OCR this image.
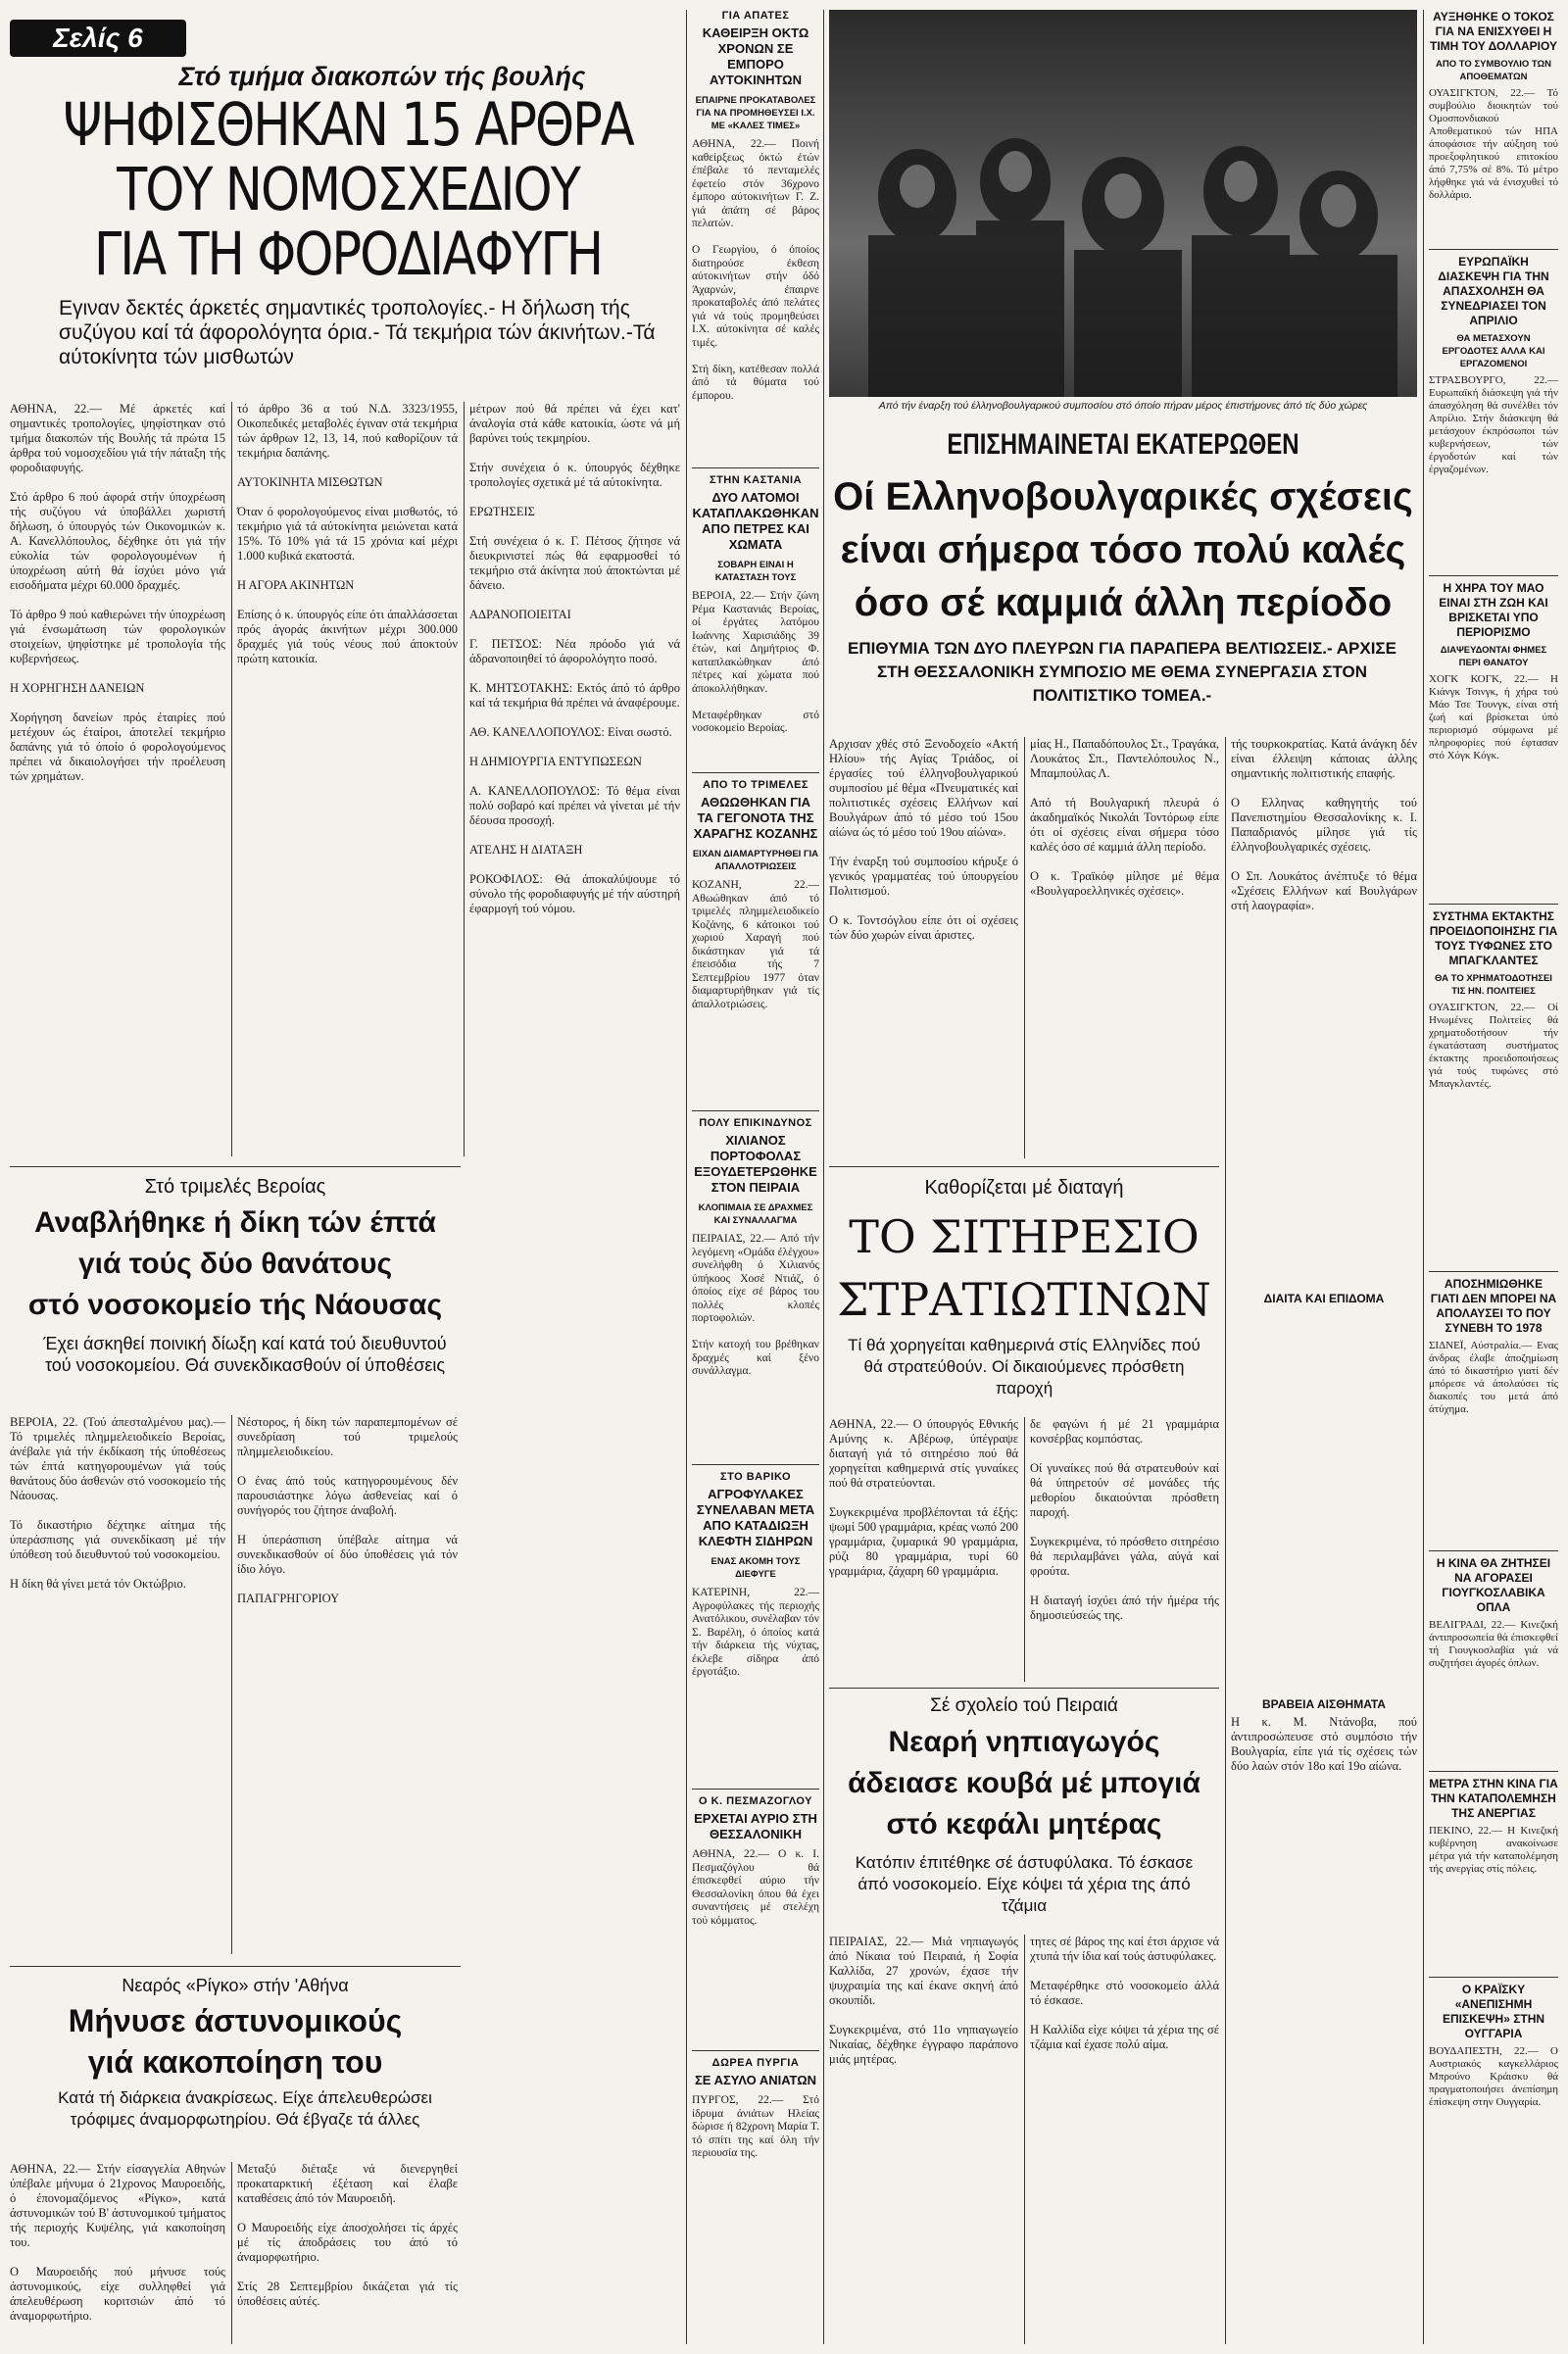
Σελίς 6
Στό τμήμα διακοπών τής βουλής
ΨΗΦΙΣΘΗΚΑΝ 15 ΑΡΘΡΑ
ΤΟΥ ΝΟΜΟΣΧΕΔΙΟΥ
ΓΙΑ ΤΗ ΦΟΡΟΔΙΑΦΥΓΗ
Εγιναν δεκτές άρκετές σημαντικές τροπολογίες.- Η δήλωση τής συζύγου καί τά άφορολόγητα όρια.- Τά τεκμήρια τών άκινήτων.-Τά αύτοκίνητα τών μισθωτών
ΑΘΗΝΑ, 22.— Μέ άρκετές καί σημαντικές τροπολογίες, ψηφίστηκαν στό τμήμα διακοπών τής Βουλής τά πρώτα 15 άρθρα τού νομοσχεδίου γιά τήν πάταξη τής φοροδιαφυγής.

Στό άρθρο 6 πού άφορά στήν ύποχρέωση τής συζύγου νά ύποβάλλει χωριστή δήλωση, ό ύπουργός τών Οικονομικών κ. Α. Κανελλόπουλος, δέχθηκε ότι γιά τήν εύκολία τών φορολογουμένων ή ύποχρέωση αύτή θά ίσχύει μόνο γιά εισοδήματα μέχρι 60.000 δραχμές.

Τό άρθρο 9 πού καθιερώνει τήν ύποχρέωση γιά ένσωμάτωση τών φορολογικών στοιχείων, ψηφίστηκε μέ τροπολογία τής κυβερνήσεως.

Η ΧΟΡΗΓΗΣΗ ΔΑΝΕΙΩΝ

Χορήγηση δανείων πρός έταιρίες πού μετέχουν ώς έταίροι, άποτελεί τεκμήριο δαπάνης γιά τό όποίο ό φορολογούμενος πρέπει νά δικαιολογήσει τήν προέλευση τών χρημάτων.
τό άρθρο 36 α τού Ν.Δ. 3323/1955, Οικοπεδικές μεταβολές έγιναν στά τεκμήρια τών άρθρων 12, 13, 14, πού καθορίζουν τά τεκμήρια δαπάνης.

ΑΥΤΟΚΙΝΗΤΑ ΜΙΣΘΩΤΩΝ

Όταν ό φορολογούμενος είναι μισθωτός, τό τεκμήριο γιά τά αύτοκίνητα μειώνεται κατά 15%. Τό 10% γιά τά 15 χρόνια καί μέχρι 1.000 κυβικά εκατοστά.

Η ΑΓΟΡΑ ΑΚΙΝΗΤΩΝ

Επίσης ό κ. ύπουργός είπε ότι άπαλλάσσεται πρός άγοράς άκινήτων μέχρι 300.000 δραχμές γιά τούς νέους πού άποκτούν πρώτη κατοικία.
μέτρων πού θά πρέπει νά έχει κατ' άναλογία στά κάθε κατοικία, ώστε νά μή βαρύνει τούς τεκμηρίου.

Στήν συνέχεια ό κ. ύπουργός δέχθηκε τροπολογίες σχετικά μέ τά αύτοκίνητα.

ΕΡΩΤΗΣΕΙΣ

Στή συνέχεια ό κ. Γ. Πέτσος ζήτησε νά διευκρινιστεί πώς θά εφαρμοσθεί τό τεκμήριο στά άκίνητα πού άποκτώνται μέ δάνειο.

ΑΔΡΑΝΟΠΟΙΕΙΤΑΙ

Γ. ΠΕΤΣΟΣ: Νέα πρόοδο γιά νά άδρανοποιηθεί τό άφορολόγητο ποσό.

Κ. ΜΗΤΣΟΤΑΚΗΣ: Εκτός άπό τό άρθρο καί τά τεκμήρια θά πρέπει νά άναφέρουμε.

ΑΘ. ΚΑΝΕΛΛΟΠΟΥΛΟΣ: Είναι σωστό.

Η ΔΗΜΙΟΥΡΓΙΑ ΕΝΤΥΠΩΣΕΩΝ

Α. ΚΑΝΕΛΛΟΠΟΥΛΟΣ: Τό θέμα είναι πολύ σοβαρό καί πρέπει νά γίνεται μέ τήν δέουσα προσοχή.

ΑΤΕΛΗΣ Η ΔΙΑΤΑΞΗ

ΡΟΚΟΦΙΛΟΣ: Θά άποκαλύψουμε τό σύνολο τής φοροδιαφυγής μέ τήν αύστηρή έφαρμογή τού νόμου.
Στό τριμελές Βεροίας
Αναβλήθηκε ή δίκη τών έπτά
γιά τούς δύο θανάτους
στό νοσοκομείο τής Νάουσας
Έχει άσκηθεί ποινική δίωξη καί κατά τού διευθυντού τού νοσοκομείου. Θά συνεκδικασθούν οί ύποθέσεις
ΒΕΡΟΙΑ, 22. (Τού άπεσταλμένου μας).— Τό τριμελές πλημμελειοδικείο Βεροίας, άνέβαλε γιά τήν έκδίκαση τής ύποθέσεως τών έπτά κατηγορουμένων γιά τούς θανάτους δύο άσθενών στό νοσοκομείο τής Νάουσας.

Τό δικαστήριο δέχτηκε αίτημα τής ύπεράσπισης γιά συνεκδίκαση μέ τήν ύπόθεση τού διευθυντού τού νοσοκομείου.

Η δίκη θά γίνει μετά τόν Οκτώβριο.
Νέστορος, ή δίκη τών παραπεμπομένων σέ συνεδρίαση τού τριμελούς πλημμελειοδικείου.

Ο ένας άπό τούς κατηγορουμένους δέν παρουσιάστηκε λόγω άσθενείας καί ό συνήγορός του ζήτησε άναβολή.

Η ύπεράσπιση ύπέβαλε αίτημα νά συνεκδικασθούν οί δύο ύποθέσεις γιά τόν ίδιο λόγο.

ΠΑΠΑΓΡΗΓΟΡΙΟΥ
Νεαρός «Ρίγκο» στήν 'Αθήνα
Μήνυσε άστυνομικούς
γιά κακοποίηση του
Κατά τή διάρκεια άνακρίσεως. Είχε άπελευθερώσει τρόφιμες άναμορφωτηρίου. Θά έβγαζε τά άλλες
ΑΘΗΝΑ, 22.— Στήν είσαγγελία Αθηνών ύπέβαλε μήνυμα ό 21χρονος Μαυροειδής, ό έπονομαζόμενος «Ρίγκο», κατά άστυνομικών τού Β' άστυνομικού τμήματος τής περιοχής Κυψέλης, γιά κακοποίηση του.

Ο Μαυροειδής πού μήνυσε τούς άστυνομικούς, είχε συλληφθεί γιά άπελευθέρωση κοριτσιών άπό τό άναμορφωτήριο.
Μεταξύ διέταξε νά διενεργηθεί προκαταρκτική έξέταση καί έλαβε καταθέσεις άπό τόν Μαυροειδή.

Ο Μαυροειδής είχε άποσχολήσει τίς άρχές μέ τίς άποδράσεις του άπό τό άναμορφωτήριο.

Στίς 28 Σεπτεμβρίου δικάζεται γιά τίς ύποθέσεις αύτές.
ΓΙΑ ΑΠΑΤΕΣ
ΚΑΘΕΙΡΞΗ ΟΚΤΩ ΧΡΟΝΩΝ ΣΕ ΕΜΠΟΡΟ ΑΥΤΟΚΙΝΗΤΩΝ
ΕΠΑΙΡΝΕ ΠΡΟΚΑΤΑΒΟΛΕΣ ΓΙΑ ΝΑ ΠΡΟΜΗΘΕΥΣΕΙ Ι.Χ. ΜΕ «ΚΑΛΕΣ ΤΙΜΕΣ»
ΑΘΗΝΑ, 22.— Ποινή καθείρξεως όκτώ έτών έπέβαλε τό πενταμελές έφετείο στόν 36χρονο έμπορο αύτοκινήτων Γ. Ζ. γιά άπάτη σέ βάρος πελατών.

Ο Γεωργίου, ό όποίος διατηρούσε έκθεση αύτοκινήτων στήν όδό Άχαρνών, έπαιρνε προκαταβολές άπό πελάτες γιά νά τούς προμηθεύσει Ι.Χ. αύτοκίνητα σέ καλές τιμές.

Στή δίκη, κατέθεσαν πολλά άπό τά θύματα τού έμπορου.
ΣΤΗΝ ΚΑΣΤΑΝΙΑ
ΔΥΟ ΛΑΤΟΜΟΙ ΚΑΤΑΠΛΑΚΩΘΗΚΑΝ ΑΠΟ ΠΕΤΡΕΣ ΚΑΙ ΧΩΜΑΤΑ
ΣΟΒΑΡΗ ΕΙΝΑΙ Η ΚΑΤΑΣΤΑΣΗ ΤΟΥΣ
ΒΕΡΟΙΑ, 22.— Στήν ζώνη Ρέμα Καστανιάς Βεροίας, οί έργάτες λατόμου Ιωάννης Χαρισιάδης 39 έτών, καί Δημήτριος Φ. καταπλακώθηκαν άπό πέτρες καί χώματα πού άποκολλήθηκαν.

Μεταφέρθηκαν στό νοσοκομείο Βεροίας.
ΑΠΟ ΤΟ ΤΡΙΜΕΛΕΣ
ΑΘΩΩΘΗΚΑΝ ΓΙΑ ΤΑ ΓΕΓΟΝΟΤΑ ΤΗΣ ΧΑΡΑΓΗΣ ΚΟΖΑΝΗΣ
ΕΙΧΑΝ ΔΙΑΜΑΡΤΥΡΗΘΕΙ ΓΙΑ ΑΠΑΛΛΟΤΡΙΩΣΕΙΣ
ΚΟΖΑΝΗ, 22.— Αθωώθηκαν άπό τό τριμελές πλημμελειοδικείο Κοζάνης, 6 κάτοικοι τού χωριού Χαραγή πού δικάστηκαν γιά τά έπεισόδια τής 7 Σεπτεμβρίου 1977 όταν διαμαρτυρήθηκαν γιά τίς άπαλλοτριώσεις.
ΠΟΛΥ ΕΠΙΚΙΝΔΥΝΟΣ
ΧΙΛΙΑΝΟΣ ΠΟΡΤΟΦΟΛΑΣ ΕΞΟΥΔΕΤΕΡΩΘΗΚΕ ΣΤΟΝ ΠΕΙΡΑΙΑ
ΚΛΟΠΙΜΑΙΑ ΣΕ ΔΡΑΧΜΕΣ ΚΑΙ ΣΥΝΑΛΛΑΓΜΑ
ΠΕΙΡΑΙΑΣ, 22.— Από τήν λεγόμενη «Ομάδα έλέγχου» συνελήφθη ό Χιλιανός ύπήκοος Χοσέ Ντιάζ, ό όποίος είχε σέ βάρος του πολλές κλοπές πορτοφολιών.

Στήν κατοχή του βρέθηκαν δραχμές καί ξένο συνάλλαγμα.
ΣΤΟ ΒΑΡΙΚΟ
ΑΓΡΟΦΥΛΑΚΕΣ ΣΥΝΕΛΑΒΑΝ ΜΕΤΑ ΑΠΟ ΚΑΤΑΔΙΩΞΗ ΚΛΕΦΤΗ ΣΙΔΗΡΩΝ
ΕΝΑΣ ΑΚΟΜΗ ΤΟΥΣ ΔΙΕΦΥΓΕ
ΚΑΤΕΡΙΝΗ, 22.— Αγροφύλακες τής περιοχής Ανατόλικου, συνέλαβαν τόν Σ. Βαρέλη, ό όποίος κατά τήν διάρκεια τής νύχτας, έκλεβε σίδηρα άπό έργοτάξιο.
Ο Κ. ΠΕΣΜΑΖΟΓΛΟΥ
ΕΡΧΕΤΑΙ ΑΥΡΙΟ ΣΤΗ ΘΕΣΣΑΛΟΝΙΚΗ
ΑΘΗΝΑ, 22.— Ο κ. Ι. Πεσμαζόγλου θά έπισκεφθεί αύριο τήν Θεσσαλονίκη όπου θά έχει συναντήσεις μέ στελέχη τού κόμματος.
ΔΩΡΕΑ ΠΥΡΓΙΑ
ΣΕ ΑΣΥΛΟ ΑΝΙΑΤΩΝ
ΠΥΡΓΟΣ, 22.— Στό ίδρυμα άνιάτων Ηλείας δώρισε ή 82χρονη Μαρία Τ. τό σπίτι της καί όλη τήν περιουσία της.
Από τήν έναρξη τού έλληνοβουλγαρικού συμποσίου στό όποίο πήραν μέρος έπιστήμονες άπό τίς δύο χώρες
ΕΠΙΣΗΜΑΙΝΕΤΑΙ ΕΚΑΤΕΡΩΘΕΝ
Οί Ελληνοβουλγαρικές σχέσεις
είναι σήμερα τόσο πολύ καλές
όσο σέ καμμιά άλλη περίοδο
ΕΠΙΘΥΜΙΑ ΤΩΝ ΔΥΟ ΠΛΕΥΡΩΝ ΓΙΑ ΠΑΡΑΠΕΡΑ ΒΕΛΤΙΩΣΕΙΣ.- ΑΡΧΙΣΕ ΣΤΗ ΘΕΣΣΑΛΟΝΙΚΗ ΣΥΜΠΟΣΙΟ ΜΕ ΘΕΜΑ ΣΥΝΕΡΓΑΣΙΑ ΣΤΟΝ ΠΟΛΙΤΙΣΤΙΚΟ ΤΟΜΕΑ.-
Αρχισαν χθές στό Ξενοδοχείο «Ακτή Ηλίου» τής Αγίας Τριάδος, οί έργασίες τού έλληνοβουλγαρικού συμποσίου μέ θέμα «Πνευματικές καί πολιτιστικές σχέσεις Ελλήνων καί Βουλγάρων άπό τό μέσο τού 15ου αίώνα ώς τό μέσο τού 19ου αίώνα».

Τήν έναρξη τού συμποσίου κήρυξε ό γενικός γραμματέας τού ύπουργείου Πολιτισμού.

Ο κ. Τοντσόγλου είπε ότι οί σχέσεις τών δύο χωρών είναι άριστες.
μίας Η., Παπαδόπουλος Στ., Τραγάκα, Λουκάτος Σπ., Παντελόπουλος Ν., Μπαμπούλας Λ.

Από τή Βουλγαρική πλευρά ό άκαδημαϊκός Νικολάι Τοντόρωφ είπε ότι οί σχέσεις είναι σήμερα τόσο καλές όσο σέ καμμιά άλλη περίοδο.

Ο κ. Τραϊκόφ μίλησε μέ θέμα «Βουλγαροελληνικές σχέσεις».
τής τουρκοκρατίας. Κατά άνάγκη δέν είναι έλλειψη κάποιας άλλης σημαντικής πολιτιστικής επαφής.

Ο Ελληνας καθηγητής τού Πανεπιστημίου Θεσσαλονίκης κ. Ι. Παπαδριανός μίλησε γιά τίς έλληνοβουλγαρικές σχέσεις.

Ο Σπ. Λουκάτος άνέπτυξε τό θέμα «Σχέσεις Ελλήνων καί Βουλγάρων στή λαογραφία».
ΔΙΑΙΤΑ ΚΑΙ ΕΠΙΔΟΜΑ
ΒΡΑΒΕΙΑ ΑΙΣΘΗΜΑΤΑ
Η κ. Μ. Ντάνοβα, πού άντιπροσώπευσε στό συμπόσιο τήν Βουλγαρία, είπε γιά τίς σχέσεις τών δύο λαών στόν 18ο καί 19ο αίώνα.
Καθορίζεται μέ διαταγή
ΤΟ ΣΙΤΗΡΕΣΙΟ
ΣΤΡΑΤΙΩΤΙΝΩΝ
Τί θά χορηγείται καθημερινά στίς Ελληνίδες πού θά στρατεύθούν. Οί δικαιούμενες πρόσθετη παροχή
ΑΘΗΝΑ, 22.— Ο ύπουργός Εθνικής Αμύνης κ. Αβέρωφ, ύπέγραψε διαταγή γιά τό σιτηρέσιο πού θά χορηγείται καθημερινά στίς γυναίκες πού θά στρατεύονται.

Συγκεκριμένα προβλέπονται τά έξής: ψωμί 500 γραμμάρια, κρέας νωπό 200 γραμμάρια, ζυμαρικά 90 γραμμάρια, ρύζι 80 γραμμάρια, τυρί 60 γραμμάρια, ζάχαρη 60 γραμμάρια.
δε φαγώνι ή μέ 21 γραμμάρια κονσέρβας κομπόστας.

Οί γυναίκες πού θά στρατευθούν καί θά ύπηρετούν σέ μονάδες τής μεθορίου δικαιούνται πρόσθετη παροχή.

Συγκεκριμένα, τό πρόσθετο σιτηρέσιο θά περιλαμβάνει γάλα, αύγά καί φρούτα.

Η διαταγή ίσχύει άπό τήν ήμέρα τής δημοσιεύσεώς της.
Σέ σχολείο τού Πειραιά
Νεαρή νηπιαγωγός
άδειασε κουβά μέ μπογιά
στό κεφάλι μητέρας
Κατόπιν έπιτέθηκε σέ άστυφύλακα. Τό έσκασε άπό νοσοκομείο. Είχε κόψει τά χέρια της άπό τζάμια
ΠΕΙΡΑΙΑΣ, 22.— Μιά νηπιαγωγός άπό Νίκαια τού Πειραιά, ή Σοφία Καλλίδα, 27 χρονών, έχασε τήν ψυχραιμία της καί έκανε σκηνή άπό σκουπίδι.

Συγκεκριμένα, στό 11ο νηπιαγωγείο Νικαίας, δέχθηκε έγγραφο παράπονο μιάς μητέρας.
τητες σέ βάρος της καί έτσι άρχισε νά χτυπά τήν ίδια καί τούς άστυφύλακες.

Μεταφέρθηκε στό νοσοκομείο άλλά τό έσκασε.

Η Καλλίδα είχε κόψει τά χέρια της σέ τζάμια καί έχασε πολύ αίμα.
ΑΥΞΗΘΗΚΕ Ο ΤΟΚΟΣ ΓΙΑ ΝΑ ΕΝΙΣΧΥΘΕΙ Η ΤΙΜΗ ΤΟΥ ΔΟΛΛΑΡΙΟΥ
ΑΠΟ ΤΟ ΣΥΜΒΟΥΛΙΟ ΤΩΝ ΑΠΟΘΕΜΑΤΩΝ
ΟΥΑΣΙΓΚΤΟΝ, 22.— Τό συμβούλιο διοικητών τού Ομοσπονδιακού Αποθεματικού τών ΗΠΑ άποφάσισε τήν αύξηση τού προεξοφλητικού επιτοκίου άπό 7,75% σέ 8%. Τό μέτρο λήφθηκε γιά νά ένισχυθεί τό δολλάριο.
ΕΥΡΩΠΑΪΚΗ ΔΙΑΣΚΕΨΗ ΓΙΑ ΤΗΝ ΑΠΑΣΧΟΛΗΣΗ ΘΑ ΣΥΝΕΔΡΙΑΣΕΙ ΤΟΝ ΑΠΡΙΛΙΟ
ΘΑ ΜΕΤΑΣΧΟΥΝ ΕΡΓΟΔΟΤΕΣ ΑΛΛΑ ΚΑΙ ΕΡΓΑΖΟΜΕΝΟΙ
ΣΤΡΑΣΒΟΥΡΓΟ, 22.— Ευρωπαϊκή διάσκεψη γιά τήν άπασχόληση θά συνέλθει τόν Απρίλιο. Στήν διάσκεψη θά μετάσχουν έκπρόσωποι τών κυβερνήσεων, τών έργοδοτών καί τών έργαζομένων.
Η ΧΗΡΑ ΤΟΥ ΜΑΟ ΕΙΝΑΙ ΣΤΗ ΖΩΗ ΚΑΙ ΒΡΙΣΚΕΤΑΙ ΥΠΟ ΠΕΡΙΟΡΙΣΜΟ
ΔΙΑΨΕΥΔΟΝΤΑΙ ΦΗΜΕΣ ΠΕΡΙ ΘΑΝΑΤΟΥ
ΧΟΓΚ ΚΟΓΚ, 22.— Η Κιάνγκ Τσινγκ, ή χήρα τού Μάο Τσε Τουνγκ, είναι στή ζωή καί βρίσκεται ύπό περιορισμό σύμφωνα μέ πληροφορίες πού έφτασαν στό Χόγκ Κόγκ.
ΣΥΣΤΗΜΑ ΕΚΤΑΚΤΗΣ ΠΡΟΕΙΔΟΠΟΙΗΣΗΣ ΓΙΑ ΤΟΥΣ ΤΥΦΩΝΕΣ ΣΤΟ ΜΠΑΓΚΛΑΝΤΕΣ
ΘΑ ΤΟ ΧΡΗΜΑΤΟΔΟΤΗΣΕΙ ΤΙΣ ΗΝ. ΠΟΛΙΤΕΙΕΣ
ΟΥΑΣΙΓΚΤΟΝ, 22.— Οί Ηνωμένες Πολιτείες θά χρηματοδοτήσουν τήν έγκατάσταση συστήματος έκτακτης προειδοποιήσεως γιά τούς τυφώνες στό Μπαγκλαντές.
ΑΠΟΣΗΜΙΩΘΗΚΕ ΓΙΑΤΙ ΔΕΝ ΜΠΟΡΕΙ ΝΑ ΑΠΟΛΑΥΣΕΙ ΤΟ ΠΟΥ ΣΥΝΕΒΗ ΤΟ 1978
ΣΙΔΝΕΪ, Αύστραλία.— Ενας άνδρας έλαβε άποζημίωση άπό τό δικαστήριο γιατί δέν μπόρεσε νά άπολαύσει τίς διακοπές του μετά άπό άτύχημα.
Η ΚΙΝΑ ΘΑ ΖΗΤΗΣΕΙ ΝΑ ΑΓΟΡΑΣΕΙ ΓΙΟΥΓΚΟΣΛΑΒΙΚΑ ΟΠΛΑ
ΒΕΛΙΓΡΑΔΙ, 22.— Κινεζική άντιπροσωπεία θά έπισκεφθεί τή Γιουγκοσλαβία γιά νά συζητήσει άγορές όπλων.
ΜΕΤΡΑ ΣΤΗΝ ΚΙΝΑ ΓΙΑ ΤΗΝ ΚΑΤΑΠΟΛΕΜΗΣΗ ΤΗΣ ΑΝΕΡΓΙΑΣ
ΠΕΚΙΝΟ, 22.— Η Κινεζική κυβέρνηση ανακοίνωσε μέτρα γιά τήν καταπολέμηση τής ανεργίας στίς πόλεις.
Ο ΚΡΑΪΣΚΥ «ΑΝΕΠΙΣΗΜΗ ΕΠΙΣΚΕΨΗ» ΣΤΗΝ ΟΥΓΓΑΡΙΑ
ΒΟΥΔΑΠΕΣΤΗ, 22.— Ο Αυστριακός καγκελλάριος Μπρούνο Κράισκυ θά πραγματοποιήσει άνεπίσημη έπίσκεψη στην Ουγγαρία.
